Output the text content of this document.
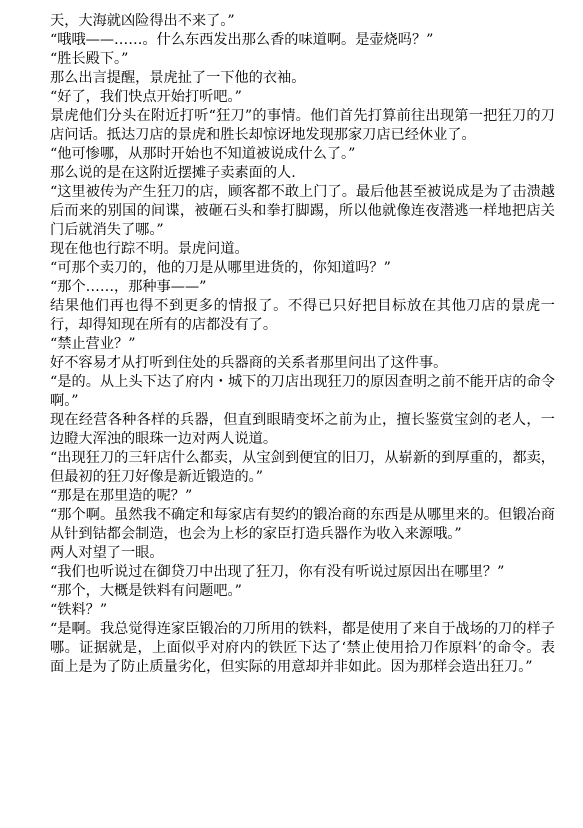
天，大海就凶险得出不来了。”

“哦哦——……。什么东西发出那么香的味道啊。是壶烧吗？”

“胜长殿下。”

那么出言提醒，景虎扯了一下他的衣袖。

“好了，我们快点开始打听吧。”

景虎他们分头在附近打听“狂刀”的事情。他们首先打算前往出现第一把狂刀的刀店问话。抵达刀店的景虎和胜长却惊讶地发现那家刀店已经休业了。

“他可惨哪，从那时开始也不知道被说成什么了。”

那么说的是在这附近摆摊子卖素面的人.

“这里被传为产生狂刀的店，顾客都不敢上门了。最后他甚至被说成是为了击溃越后而来的别国的间谍，被砸石头和拳打脚踢，所以他就像连夜潜逃一样地把店关门后就消失了哪。”

现在他也行踪不明。景虎问道。

“可那个卖刀的，他的刀是从哪里进货的，你知道吗？”

“那个……，那种事——”

结果他们再也得不到更多的情报了。不得已只好把目标放在其他刀店的景虎一行，却得知现在所有的店都没有了。

“禁止营业？”

好不容易才从打听到住处的兵器商的关系者那里问出了这件事。

“是的。从上头下达了府内・城下的刀店出现狂刀的原因查明之前不能开店的命令啊。”

现在经营各种各样的兵器，但直到眼睛变坏之前为止，擅长鉴赏宝剑的老人，一边瞪大浑浊的眼珠一边对两人说道。

“出现狂刀的三轩店什么都卖，从宝剑到便宜的旧刀，从崭新的到厚重的，都卖，但最初的狂刀好像是新近锻造的。”

“那是在那里造的呢？”

“那个啊。虽然我不确定和每家店有契约的锻冶商的东西是从哪里来的。但锻冶商从针到钴都会制造，也会为上杉的家臣打造兵器作为收入来源哦。”

两人对望了一眼。

“我们也听说过在御贷刀中出现了狂刀，你有没有听说过原因出在哪里？”

“那个，大概是铁料有问题吧。”

“铁料？”

“是啊。我总觉得连家臣锻冶的刀所用的铁料，都是使用了来自于战场的刀的样子哪。证据就是，上面似乎对府内的铁匠下达了‘禁止使用拾刀作原料’的命令。表面上是为了防止质量劣化，但实际的用意却并非如此。因为那样会造出狂刀。”
